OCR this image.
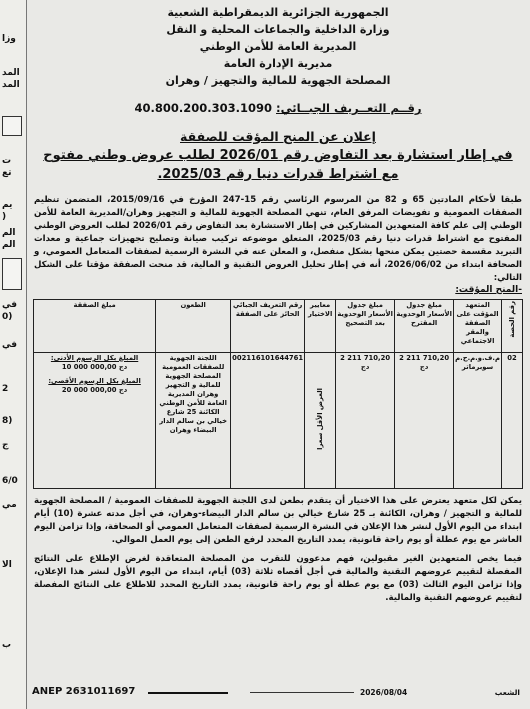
وزا
المد
المد
ت
تع
يم
(
الم
الم
في
(0
في
2
(8
ج
6/0
مي
الا
ب
الجمهورية الجزائرية الديمقراطية الشعبية
وزارة الداخلية والجماعات المحلية و النقل
المديرية العامة للأمن الوطني
مديرية الإدارة العامة
المصلحة الجهوية للمالية والتجهيز / وهران
رقــم التعــريف الجبــائي: 40.800.200.303.1090
إعلان عن المنح المؤقت للصفقة
في إطار استشارة بعد التفاوض رقم 2026/01 لطلب عروض وطني مفتوح
مع اشتراط قدرات دنيا رقم 2025/03.
طبقا لأحكام المادتين 65 و 82 من المرسوم الرئاسي رقم 15-247 المؤرخ في 2015/09/16، المتضمن تنظيم الصفقات العمومية و تفويضات المرفق العام، تنهي المصلحة الجهوية للمالية و التجهيز وهران/المديرية العامة للأمن الوطني إلى علم كافة المتعهدين المشاركين في إطار الاستشارة بعد التفاوض رقم 2026/01 لطلب العروض الوطني المفتوح مع اشتراط قدرات دنيا رقم 2025/03، المتعلق موضوعه تركيب صيانة وتصليح تجهيزات جماعية و معدات التبريد مقسمة حصتين يمكن منحها بشكل منفصل، و المعلن عنه في النشرة الرسمية لصفقات المتعامل العمومي، و الصحافة ابتداء من 2026/06/02، أنه في إطار تحليل العروض التقنية و المالية، قد منحت الصفقة مؤقتا على الشكل التالي:
-المنح المؤقت:
رقم الحصة	المتعهد المؤقت على الصفقة والمقر الاجتماعي	مبلغ جدول الأسعار الوحدوية المقترح	مبلغ جدول الأسعار الوحدوية بعد التصحيح	معايير الاختيار	رقم التعريف الجبائي الحائز على الصفقة	الطعون	مبلغ الصفقة
02	م.ف.و.م.ح.م سوبرماتر	2 211 710,20 دج	2 211 710,20 دج	العرض الأقل سعرا	002116101644761	اللجنة الجهوية للصفقات العمومية المصلحة الجهوية للمالية و التجهيز وهران المديرية العامة للأمن الوطني الكائنة 25 شارع خيالي بن سالم الدار البيضاء وهران	المبلغ بكل الرسوم الأدنى:
10 000 000,00 دج
المبلغ بكل الرسوم الأقصى:
20 000 000,00 دج
يمكن لكل متعهد يعترض على هذا الاختيار أن يتقدم بطعن لدى اللجنة الجهوية للصفقات العمومية / المصلحة الجهوية للمالية و التجهيز / وهران، الكائنة بـ 25 شارع خيالي بن سالم الدار البيضاء-وهران، في أجل مدته عشرة (10) أيام ابتداء من اليوم الأول لنشر هذا الإعلان في النشرة الرسمية لصفقات المتعامل العمومي أو الصحافة، وإذا تزامن اليوم العاشر مع يوم عطلة أو يوم راحة قانونية، يمدد التاريخ المحدد لرفع الطعن إلى يوم العمل الموالي.
فيما يخص المتعهدين الغير مقبولين، فهم مدعوون للتقرب من المصلحة المتعاقدة لغرض الإطلاع على النتائج المفصلة لتقييم عروضهم التقنية والمالية في أجل أقصاه ثلاثة (03) أيام، ابتداء من اليوم الأول لنشر هذا الإعلان، وإذا تزامن اليوم الثالث (03) مع يوم عطلة أو يوم راحة قانونية، يمدد التاريخ المحدد للاطلاع على النتائج المفصلة لتقييم عروضهم التقنية والمالية.
ANEP 2631011697	2026/08/04	الشعب
